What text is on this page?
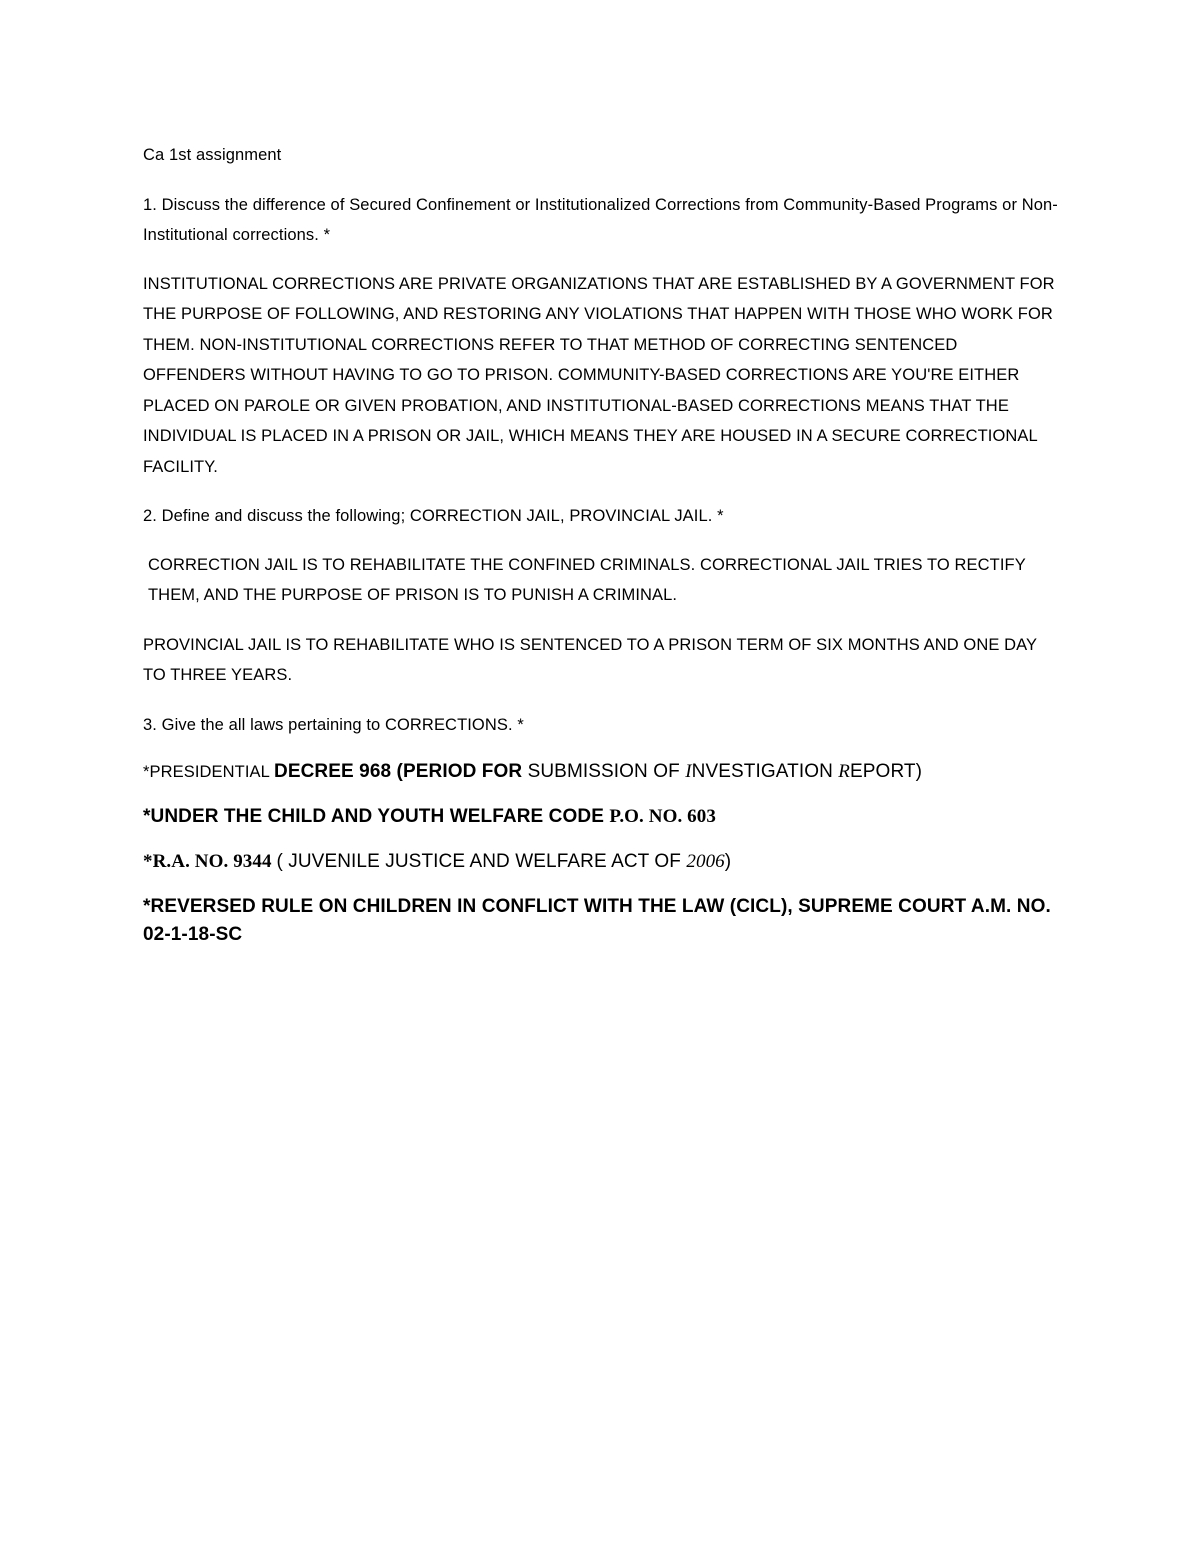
Ca 1st assignment

1. Discuss the difference of Secured Confinement or Institutionalized Corrections from Community-Based Programs or Non-Institutional corrections. *

INSTITUTIONAL CORRECTIONS ARE PRIVATE ORGANIZATIONS THAT ARE ESTABLISHED BY A GOVERNMENT FOR THE PURPOSE OF FOLLOWING, AND RESTORING ANY VIOLATIONS THAT HAPPEN WITH THOSE WHO WORK FOR THEM. NON-INSTITUTIONAL CORRECTIONS REFER TO THAT METHOD OF CORRECTING SENTENCED OFFENDERS WITHOUT HAVING TO GO TO PRISON. COMMUNITY-BASED CORRECTIONS ARE YOU'RE EITHER PLACED ON PAROLE OR GIVEN PROBATION, AND INSTITUTIONAL-BASED CORRECTIONS MEANS THAT THE INDIVIDUAL IS PLACED IN A PRISON OR JAIL, WHICH MEANS THEY ARE HOUSED IN A SECURE CORRECTIONAL FACILITY.

2. Define and discuss the following; CORRECTION JAIL, PROVINCIAL JAIL. *

CORRECTION JAIL IS TO REHABILITATE THE CONFINED CRIMINALS. CORRECTIONAL JAIL TRIES TO RECTIFY THEM, AND THE PURPOSE OF PRISON IS TO PUNISH A CRIMINAL.

PROVINCIAL JAIL IS TO REHABILITATE WHO IS SENTENCED TO A PRISON TERM OF SIX MONTHS AND ONE DAY TO THREE YEARS.

3. Give the all laws pertaining to CORRECTIONS. *

*PRESIDENTIAL DECREE 968 (PERIOD FOR SUBMISSION OF INVESTIGATION REPORT)

*UNDER THE CHILD AND YOUTH WELFARE CODE P.O. NO. 603

*R.A. NO. 9344 ( JUVENILE JUSTICE AND WELFARE ACT OF 2006)

*REVERSED RULE ON CHILDREN IN CONFLICT WITH THE LAW (CICL), SUPREME COURT A.M. NO. 02-1-18-SC
